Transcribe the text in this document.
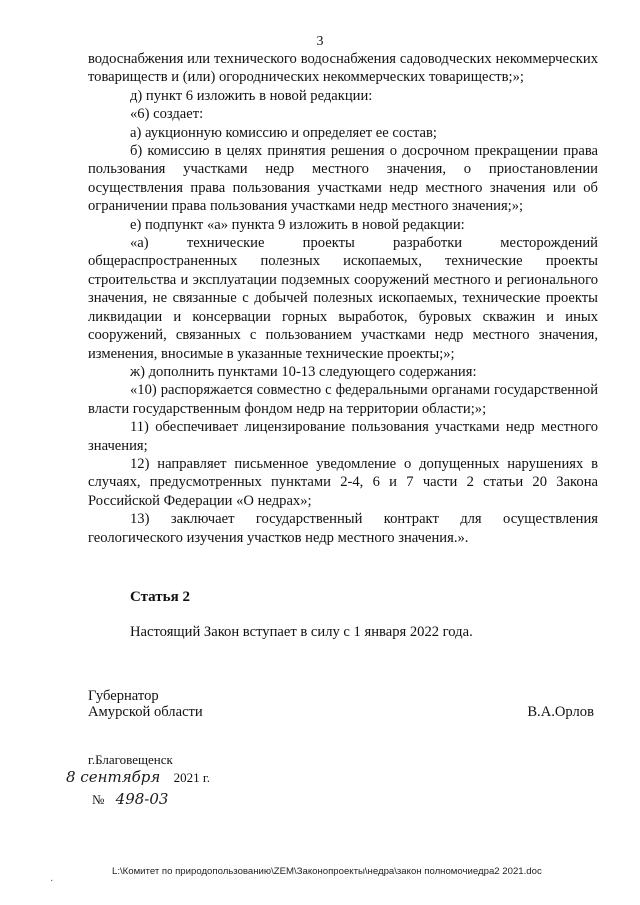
3

водоснабжения или технического водоснабжения садоводческих некоммерческих товариществ и (или) огороднических некоммерческих товариществ;»;

д) пункт 6 изложить в новой редакции:

«6) создает:

а) аукционную комиссию и определяет ее состав;

б) комиссию в целях принятия решения о досрочном прекращении права пользования участками недр местного значения, о приостановлении осуществления права пользования участками недр местного значения или об ограничении права пользования участками недр местного значения;»;

е) подпункт «а» пункта 9 изложить в новой редакции:

«а) технические проекты разработки месторождений общераспространенных полезных ископаемых, технические проекты строительства и эксплуатации подземных сооружений местного и регионального значения, не связанные с добычей полезных ископаемых, технические проекты ликвидации и консервации горных выработок, буровых скважин и иных сооружений, связанных с пользованием участками недр местного значения, изменения, вносимые в указанные технические проекты;»;

ж) дополнить пунктами 10-13 следующего содержания:

«10) распоряжается совместно с федеральными органами государственной власти государственным фондом недр на территории области;»;

11) обеспечивает лицензирование пользования участками недр местного значения;

12) направляет письменное уведомление о допущенных нарушениях в случаях, предусмотренных пунктами 2-4, 6 и 7 части 2 статьи 20 Закона Российской Федерации «О недрах»;

13) заключает государственный контракт для осуществления геологического изучения участков недр местного значения.».

Статья 2
Настоящий Закон вступает в силу с 1 января 2022 года.
Губернатор
Амурской области	В.А.Орлов
г.Благовещенск
8 сентября 2021 г.
№ 498-03
·
L:\Комитет по природопользованию\ZEM\Законопроекты\недра\закон полномочиедра2 2021.doc
